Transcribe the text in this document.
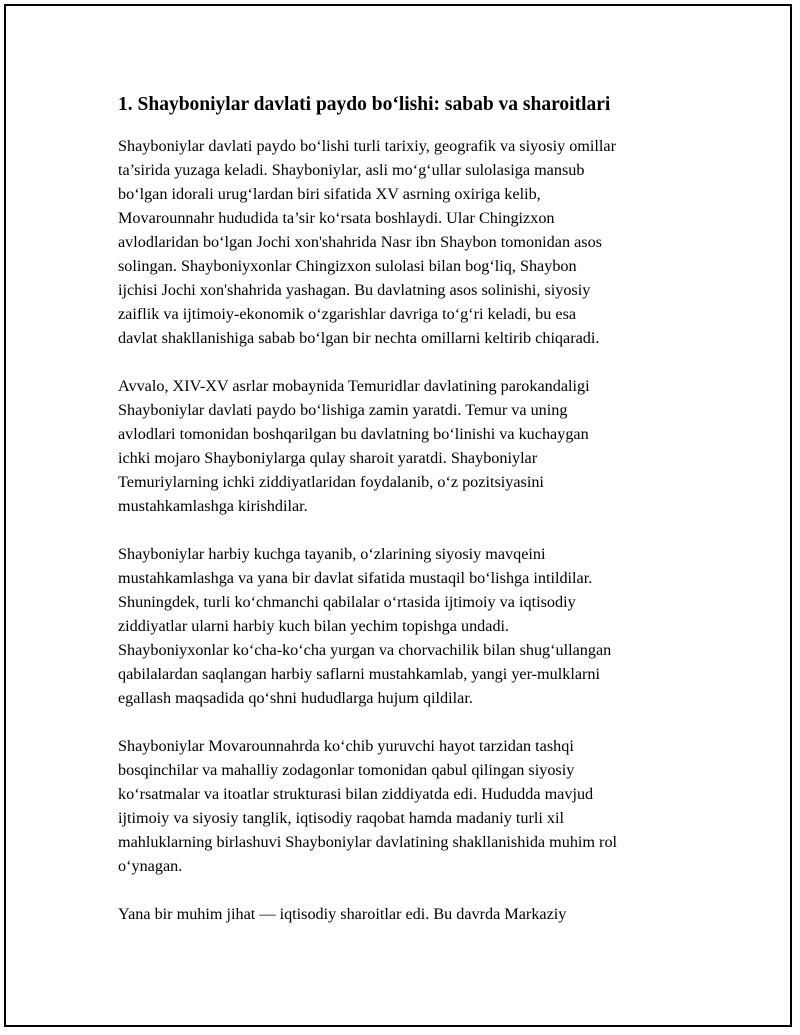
1. Shayboniylar davlati paydo bo‘lishi: sabab va sharoitlari

Shayboniylar davlati paydo bo‘lishi turli tarixiy, geografik va siyosiy omillar
ta’sirida yuzaga keladi. Shayboniylar, asli mo‘g‘ullar sulolasiga mansub
bo‘lgan idorali urug‘lardan biri sifatida XV asrning oxiriga kelib,
Movarounnahr hududida ta’sir ko‘rsata boshlaydi. Ular Chingizxon
avlodlaridan bo‘lgan Jochi xon'shahrida Nasr ibn Shaybon tomonidan asos
solingan. Shayboniyxonlar Chingizxon sulolasi bilan bog‘liq, Shaybon
ijchisi Jochi xon'shahrida yashagan. Bu davlatning asos solinishi, siyosiy
zaiflik va ijtimoiy-ekonomik o‘zgarishlar davriga to‘g‘ri keladi, bu esa
davlat shakllanishiga sabab bo‘lgan bir nechta omillarni keltirib chiqaradi.

Avvalo, XIV-XV asrlar mobaynida Temuridlar davlatining parokandaligi
Shayboniylar davlati paydo bo‘lishiga zamin yaratdi. Temur va uning
avlodlari tomonidan boshqarilgan bu davlatning bo‘linishi va kuchaygan
ichki mojaro Shayboniylarga qulay sharoit yaratdi. Shayboniylar
Temuriylarning ichki ziddiyatlaridan foydalanib, o‘z pozitsiyasini
mustahkamlashga kirishdilar.

Shayboniylar harbiy kuchga tayanib, o‘zlarining siyosiy mavqeini
mustahkamlashga va yana bir davlat sifatida mustaqil bo‘lishga intildilar.
Shuningdek, turli ko‘chmanchi qabilalar o‘rtasida ijtimoiy va iqtisodiy
ziddiyatlar ularni harbiy kuch bilan yechim topishga undadi.
Shayboniyxonlar ko‘cha-ko‘cha yurgan va chorvachilik bilan shug‘ullangan
qabilalardan saqlangan harbiy saflarni mustahkamlab, yangi yer-mulklarni
egallash maqsadida qo‘shni hududlarga hujum qildilar.

Shayboniylar Movarounnahrda ko‘chib yuruvchi hayot tarzidan tashqi
bosqinchilar va mahalliy zodagonlar tomonidan qabul qilingan siyosiy
ko‘rsatmalar va itoatlar strukturasi bilan ziddiyatda edi. Hududda mavjud
ijtimoiy va siyosiy tanglik, iqtisodiy raqobat hamda madaniy turli xil
mahluklarning birlashuvi Shayboniylar davlatining shakllanishida muhim rol
o‘ynagan.

Yana bir muhim jihat — iqtisodiy sharoitlar edi. Bu davrda Markaziy
